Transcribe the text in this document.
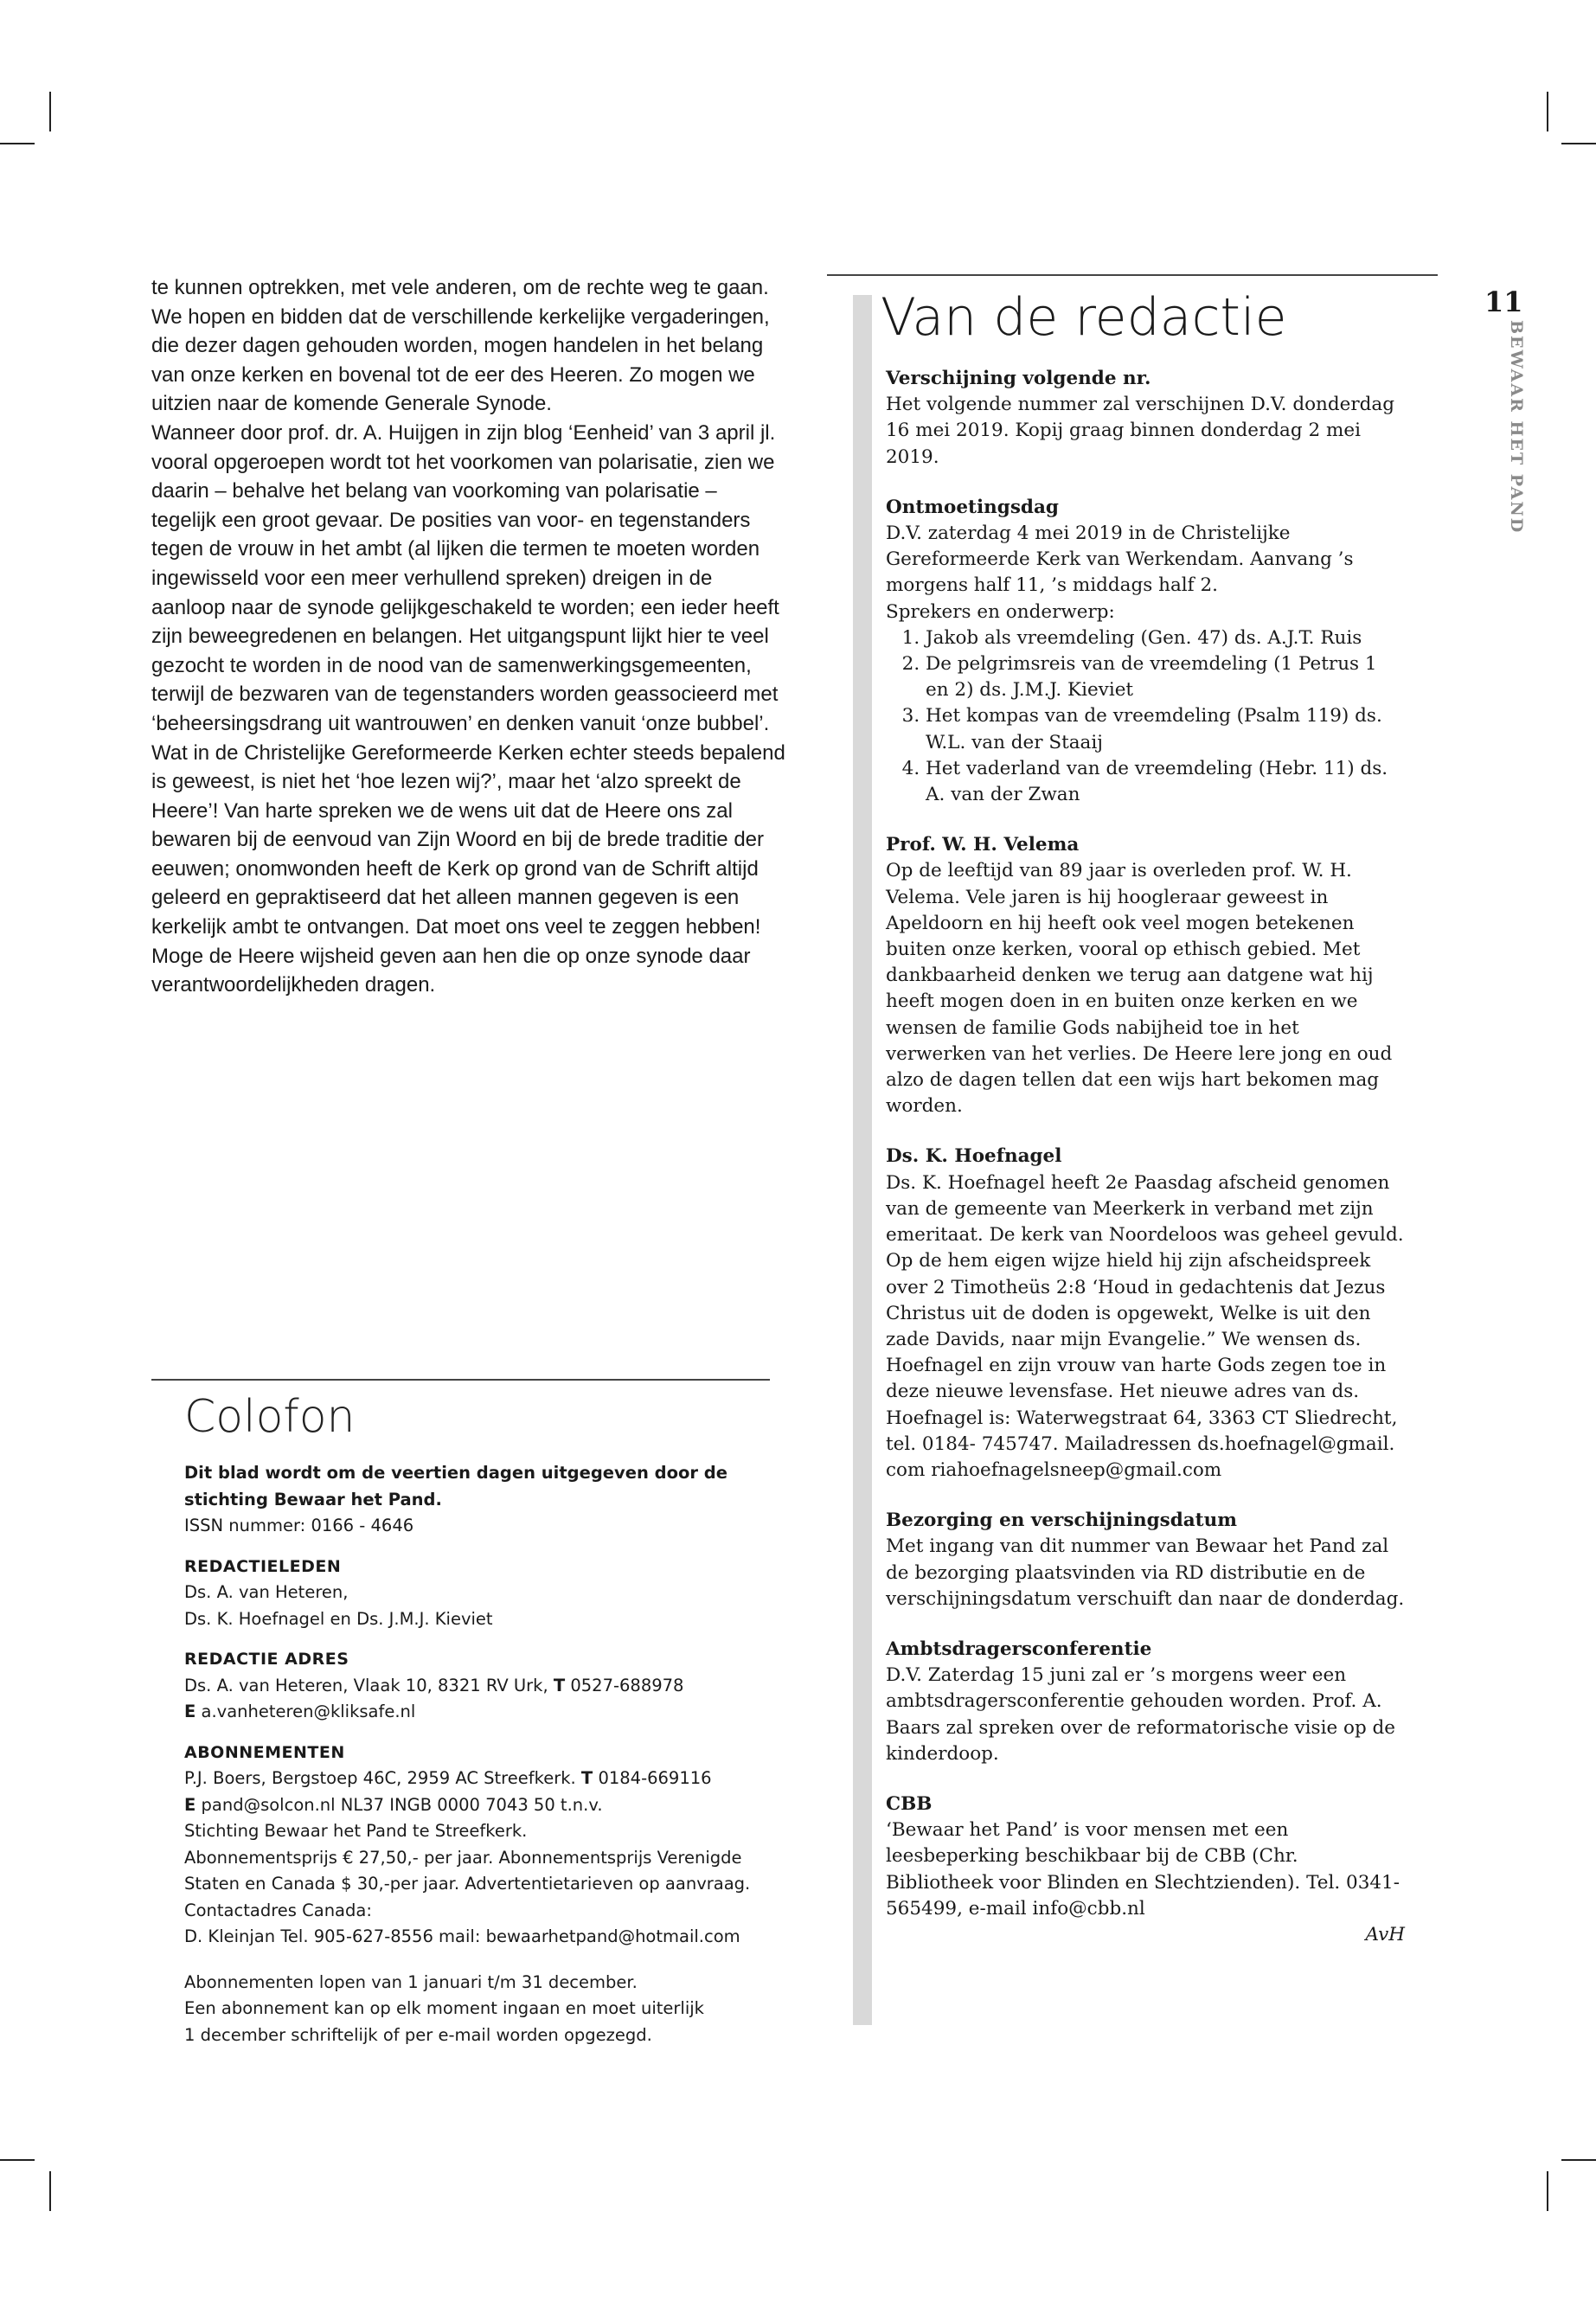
11
BEWAAR HET PAND

te kunnen optrekken, met vele anderen, om de rechte weg te gaan.

We hopen en bidden dat de verschillende kerkelijke vergaderingen, die dezer dagen gehouden worden, mogen handelen in het belang van onze kerken en bovenal tot de eer des Heeren. Zo mogen we uitzien naar de komende Generale Synode.

Wanneer door prof. dr. A. Huijgen in zijn blog ‘Eenheid’ van 3 april jl. vooral opgeroepen wordt tot het voorkomen van polarisatie, zien we daarin – behalve het belang van voorkoming van polarisatie – tegelijk een groot gevaar. De posities van voor- en tegenstanders tegen de vrouw in het ambt (al lijken die termen te moeten worden ingewisseld voor een meer verhullend spreken) dreigen in de aanloop naar de synode gelijkgeschakeld te worden; een ieder heeft zijn beweegredenen en belangen. Het uitgangspunt lijkt hier te veel gezocht te worden in de nood van de samenwerkingsgemeenten, terwijl de bezwaren van de tegenstanders worden geassocieerd met ‘beheersingsdrang uit wantrouwen’ en denken vanuit ‘onze bubbel’. Wat in de Christelijke Gereformeerde Kerken echter steeds bepalend is geweest, is niet het ‘hoe lezen wij?’, maar het ‘alzo spreekt de Heere’! Van harte spreken we de wens uit dat de Heere ons zal bewaren bij de eenvoud van Zijn Woord en bij de brede traditie der eeuwen; onomwonden heeft de Kerk op grond van de Schrift altijd geleerd en gepraktiseerd dat het alleen mannen gegeven is een kerkelijk ambt te ontvangen. Dat moet ons veel te zeggen hebben! Moge de Heere wijsheid geven aan hen die op onze synode daar verantwoordelijkheden dragen.

Colofon

Dit blad wordt om de veertien dagen uitgegeven door de stichting Bewaar het Pand.

ISSN nummer: 0166 - 4646

REDACTIELEDEN

Ds. A. van Heteren,

Ds. K. Hoefnagel en Ds. J.M.J. Kieviet

REDACTIE ADRES

Ds. A. van Heteren, Vlaak 10, 8321 RV Urk, T 0527-688978

E a.vanheteren@kliksafe.nl

ABONNEMENTEN

P.J. Boers, Bergstoep 46C, 2959 AC Streefkerk. T 0184-669116

E pand@solcon.nl NL37 INGB 0000 7043 50 t.n.v.

Stichting Bewaar het Pand te Streefkerk.

Abonnementsprijs € 27,50,- per jaar. Abonnementsprijs Verenigde Staten en Canada $ 30,-per jaar. Advertentietarieven op aanvraag.

Contactadres Canada:

D. Kleinjan Tel. 905-627-8556 mail: bewaarhetpand@hotmail.com

Abonnementen lopen van 1 januari t/m 31 december.

Een abonnement kan op elk moment ingaan en moet uiterlijk

1 december schriftelijk of per e-mail worden opgezegd.

Van de redactie

Verschijning volgende nr.

Het volgende nummer zal verschijnen D.V. donderdag 16 mei 2019. Kopij graag binnen donderdag 2 mei 2019.

Ontmoetingsdag

D.V. zaterdag 4 mei 2019 in de Christelijke Gereformeerde Kerk van Werkendam. Aanvang ’s morgens half 11, ’s middags half 2.

Sprekers en onderwerp:

1. Jakob als vreemdeling (Gen. 47) ds. A.J.T. Ruis
2. De pelgrimsreis van de vreemdeling (1 Petrus 1 en 2) ds. J.M.J. Kieviet
3. Het kompas van de vreemdeling (Psalm 119) ds. W.L. van der Staaij
4. Het vaderland van de vreemdeling (Hebr. 11) ds. A. van der Zwan

Prof. W. H. Velema

Op de leeftijd van 89 jaar is overleden prof. W. H. Velema. Vele jaren is hij hoogleraar geweest in Apeldoorn en hij heeft ook veel mogen betekenen buiten onze kerken, vooral op ethisch gebied. Met dankbaarheid denken we terug aan datgene wat hij heeft mogen doen in en buiten onze kerken en we wensen de familie Gods nabijheid toe in het verwerken van het verlies. De Heere lere jong en oud alzo de dagen tellen dat een wijs hart bekomen mag worden.

Ds. K. Hoefnagel

Ds. K. Hoefnagel heeft 2e Paasdag afscheid genomen van de gemeente van Meerkerk in verband met zijn emeritaat. De kerk van Noordeloos was geheel gevuld. Op de hem eigen wijze hield hij zijn afscheidspreek over 2 Timotheüs 2:8 ‘Houd in gedachtenis dat Jezus Christus uit de doden is opgewekt, Welke is uit den zade Davids, naar mijn Evangelie.” We wensen ds. Hoefnagel en zijn vrouw van harte Gods zegen toe in deze nieuwe levensfase. Het nieuwe adres van ds. Hoefnagel is: Waterwegstraat 64, 3363 CT Sliedrecht, tel. 0184- 745747. Mailadressen ds.hoefnagel@gmail. com riahoefnagelsneep@gmail.com

Bezorging en verschijningsdatum

Met ingang van dit nummer van Bewaar het Pand zal de bezorging plaatsvinden via RD distributie en de verschijningsdatum verschuift dan naar de donderdag.

Ambtsdragersconferentie

D.V. Zaterdag 15 juni zal er ’s morgens weer een ambtsdragersconferentie gehouden worden. Prof. A. Baars zal spreken over de reformatorische visie op de kinderdoop.

CBB

‘Bewaar het Pand’ is voor mensen met een leesbeperking beschikbaar bij de CBB (Chr. Bibliotheek voor Blinden en Slechtzienden). Tel. 0341- 565499, e-mail info@cbb.nl

AvH
